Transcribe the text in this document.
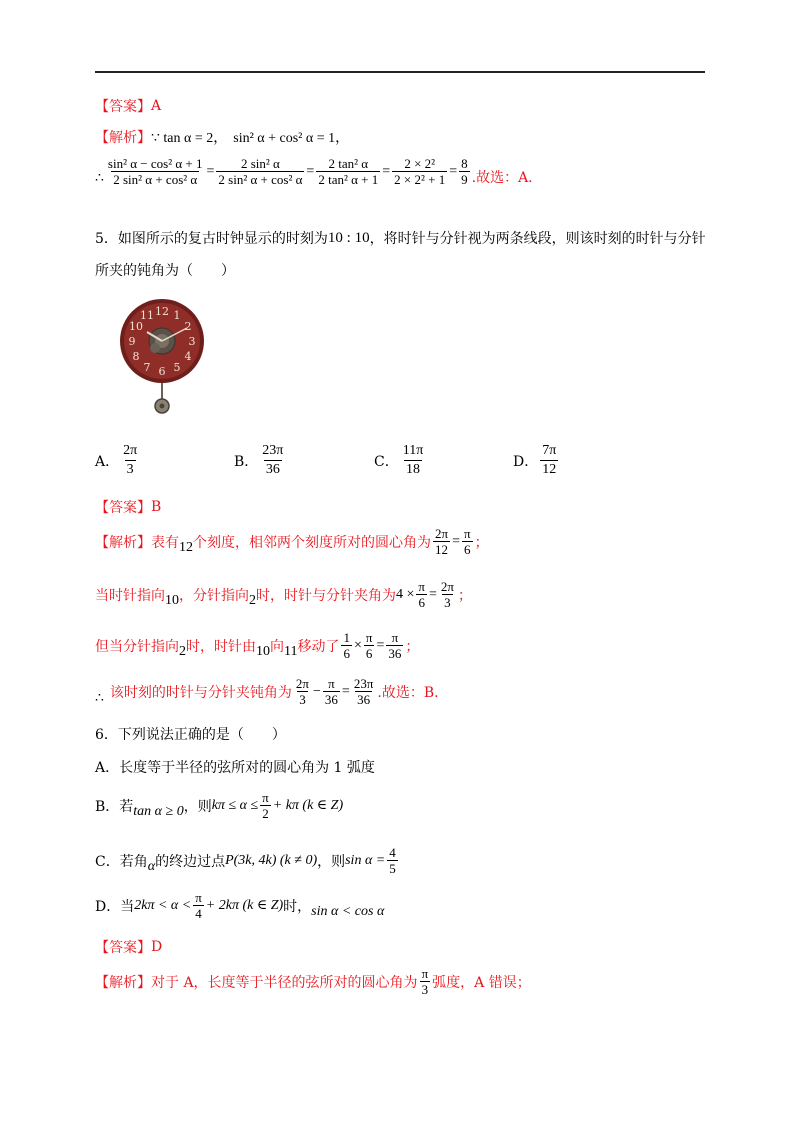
【答案】 A
【解析】 ∵ tan α = 2， sin² α + cos² α = 1，
∴ $\frac{\text{sin² α − cos² α + 1}}{\text{2 sin² α + cos² α}} = \frac{\text{2 sin² α}}{\text{2 sin² α + cos² α}} = \frac{\text{2 tan² α}}{\text{2 tan² α + 1}} = \frac{\text{2 × 2²}}{\text{2 × 2² + 1}} = \frac{8}{9}$ .故选：A.
5．如图所示的复古时钟显示的时刻为 10 : 10 ，将时针与分针视为两条线段，则该时刻的时针与分针
所夹的钝角为（　　）
12 1
2
3
4
5
6
7
8
9
10
11
A． $\frac{2\pi}{3}$	B． $\frac{23\pi}{36}$	C． $\frac{11\pi}{18}$	D． $\frac{7\pi}{12}$
【答案】 B
【解析】 表有 12 个刻度，相邻两个刻度所对的圆心角为 $\frac{2\pi}{12} = \frac{\pi}{6}$ ；
当时针指向 10 ，分针指向 2 时，时针与分针夹角为 $4 \times \frac{\pi}{6} = \frac{2\pi}{3}$ ；
但当分针指向 2 时，时针由 10 向 11 移动了 $\frac{1}{6} \times \frac{\pi}{6} = \frac{\pi}{36}$ ；
∴ 该时刻的时针与分针夹钝角为 $\frac{2\pi}{3} - \frac{\pi}{36} = \frac{23\pi}{36}$ .故选：B.
6．下列说法正确的是（　　）
A．长度等于半径的弦所对的圆心角为 1 弧度
B．若 tan α ≥ 0 ，则 $k\pi \le \alpha \le \frac{\pi}{2} + k\pi$ (k ∈ Z)
C．若角 α 的终边过点 P(3k, 4k) (k ≠ 0) ，则 $\sin \alpha = \frac{4}{5}$
D．当 $2k\pi < \alpha < \frac{\pi}{4} + 2k\pi$ (k ∈ Z) 时， sin α < cos α
【答案】 D
【解析】 对于 A，长度等于半径的弦所对的圆心角为 $\frac{\pi}{3}$ 弧度，A 错误；
